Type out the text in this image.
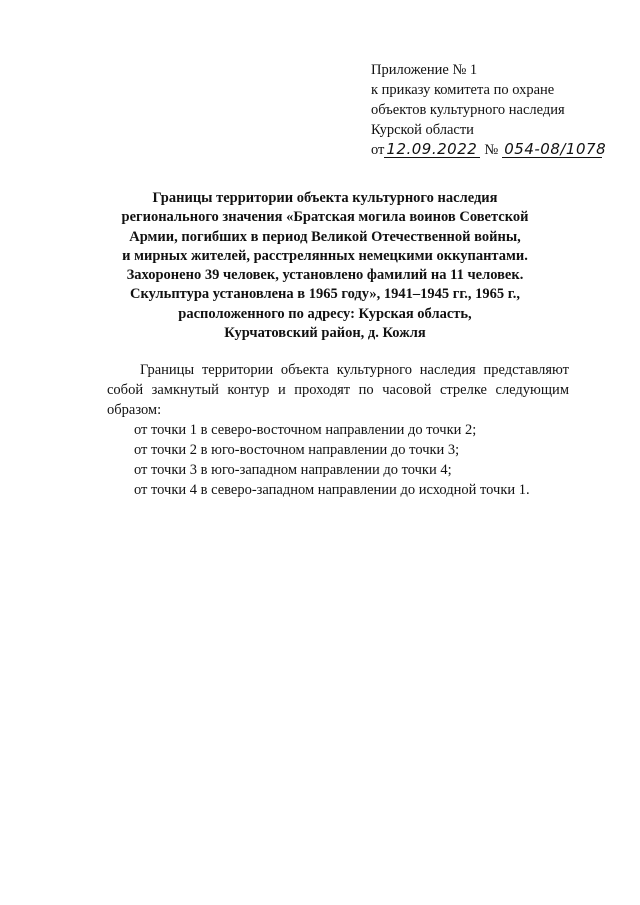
Приложение № 1
к приказу комитета по охране
объектов культурного наследия
Курской области
от 12.09.2022 № 054-08/1078
Границы территории объекта культурного наследия
регионального значения «Братская могила воинов Советской
Армии, погибших в период Великой Отечественной войны,
и мирных жителей, расстрелянных немецкими оккупантами.
Захоронено 39 человек, установлено фамилий на 11 человек.
Скульптура установлена в 1965 году», 1941–1945 гг., 1965 г.,
расположенного по адресу: Курская область,
Курчатовский район, д. Кожля

Границы территории объекта культурного наследия представляют собой замкнутый контур и проходят по часовой стрелке следующим образом:

от точки 1 в северо-восточном направлении до точки 2;

от точки 2 в юго-восточном направлении до точки 3;

от точки 3 в юго-западном направлении до точки 4;

от точки 4 в северо-западном направлении до исходной точки 1.
